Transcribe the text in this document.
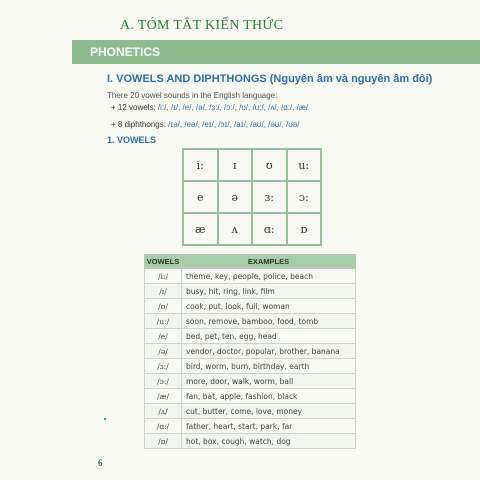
A. TÓM TẮT KIẾN THỨC
PHONETICS
I. VOWELS AND DIPHTHONGS (Nguyên âm và nguyên âm đôi)
There 20 vowel sounds in the English language:
+ 12 vowels: /i:/, /ɪ/, /e/, /ə/, /ɜ:/, /ɔ:/, /ʊ/, /u:/, /ʌ/, /ɑ:/, /æ/
+ 8 diphthongs: /ɪə/, /eə/, /eɪ/, /ɔɪ/, /aɪ/, /aʊ/, /əʊ/, /ʊə/
1. VOWELS
i:	ɪ	ʊ	u:
e	ə	ɜ:	ɔ:
æ	ʌ	ɑ:	ɒ
VOWELS	EXAMPLES
/i:/	theme, key, people, police, beach
/ɪ/	busy, hit, ring, link, film
/ʊ/	cook, put, look, full, woman
/u:/	soon, remove, bamboo, food, tomb
/e/	bed, pet, ten, egg, head
/ə/	vendor, doctor, popular, brother, banana
/ɜ:/	bird, worm, burn, birthday, earth
/ɔ:/	more, door, walk, worm, ball
/æ/	fan, bat, apple, fashion, black
/ʌ/	cut, butter, come, love, money
/ɑ:/	father, heart, start, park, far
/ɒ/	hot, box, cough, watch, dog
6
